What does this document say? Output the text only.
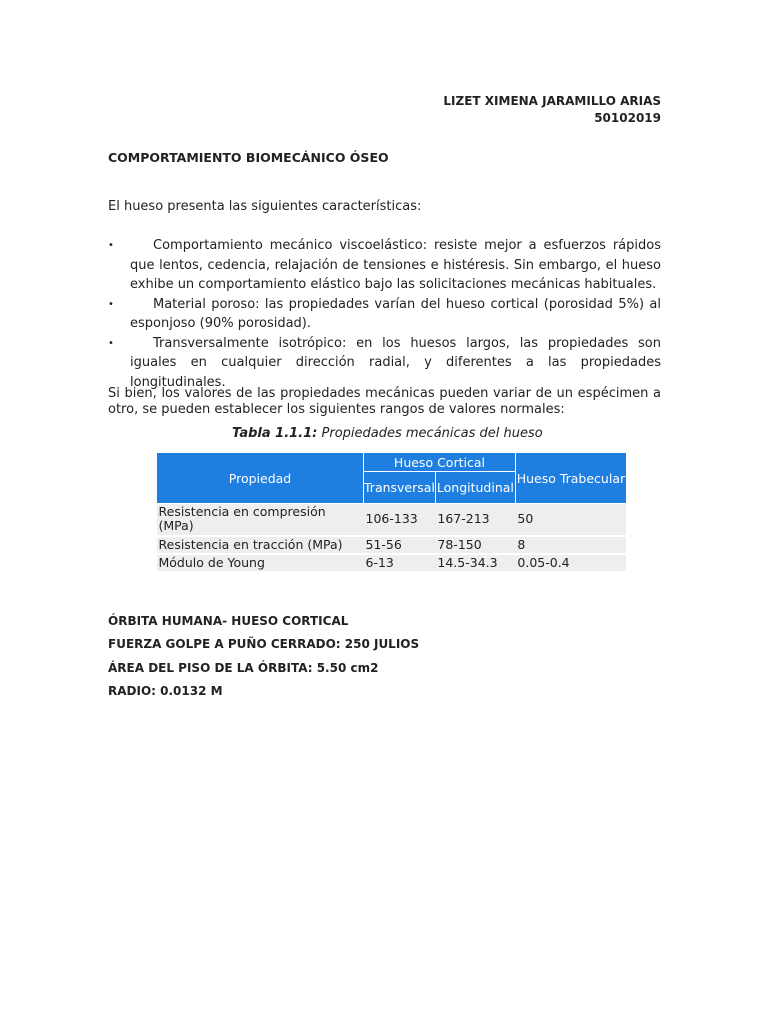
LIZET XIMENA JARAMILLO ARIAS
50102019
COMPORTAMIENTO BIOMECÁNICO ÓSEO
El hueso presenta las siguientes características:
•	Comportamiento mecánico viscoelástico: resiste mejor a esfuerzos rápidos que lentos, cedencia, relajación de tensiones e histéresis. Sin embargo, el hueso exhibe un comportamiento elástico bajo las solicitaciones mecánicas habituales.
•	Material poroso: las propiedades varían del hueso cortical (porosidad 5%) al esponjoso (90% porosidad).
•	Transversalmente isotrópico: en los huesos largos, las propiedades son iguales en cualquier dirección radial, y diferentes a las propiedades longitudinales.
Si bien, los valores de las propiedades mecánicas pueden variar de un espécimen a otro, se pueden establecer los siguientes rangos de valores normales:
Tabla 1.1.1: Propiedades mecánicas del hueso
Propiedad	Hueso Cortical		Hueso Trabecular
	Transversal	Longitudinal	
Resistencia en compresión (MPa)	106-133	167-213	50
Resistencia en tracción (MPa)	51-56	78-150	8
Módulo de Young	6-13	14.5-34.3	0.05-0.4
ÓRBITA HUMANA- HUESO CORTICAL
FUERZA GOLPE A PUÑO CERRADO: 250 JULIOS
ÁREA DEL PISO DE LA ÓRBITA: 5.50 cm2
RADIO: 0.0132 M
